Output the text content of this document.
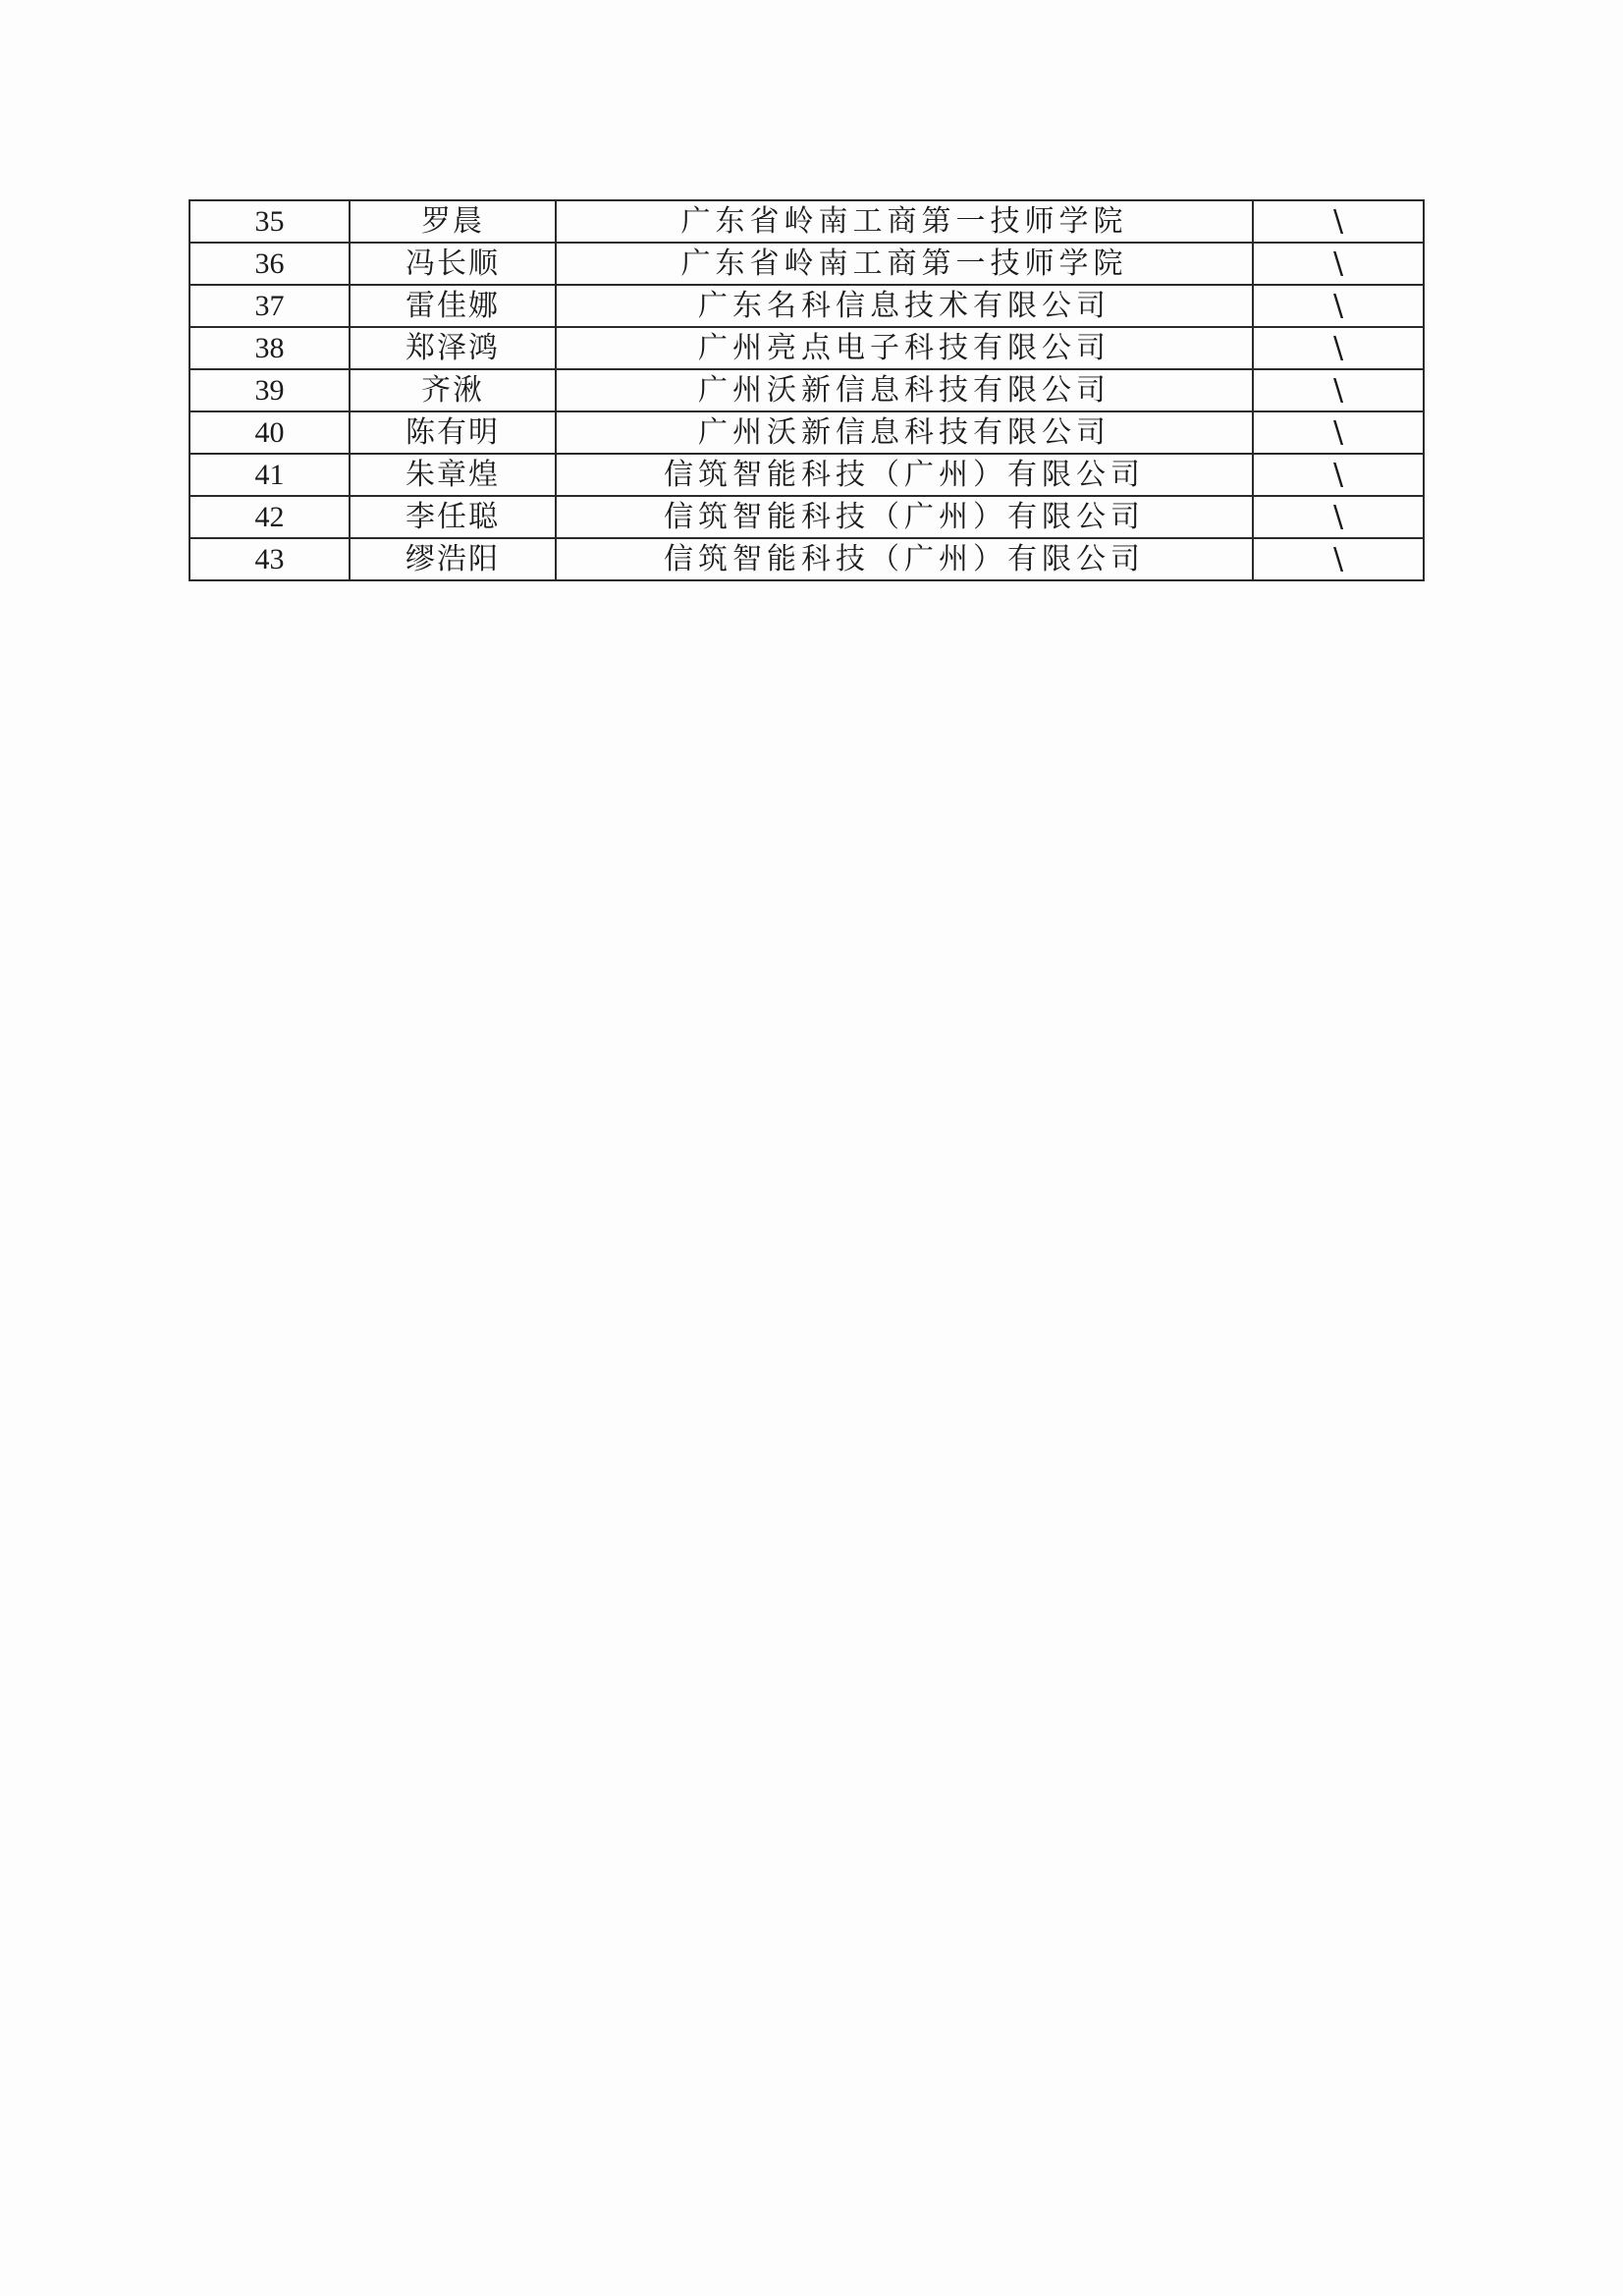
35	罗晨	广东省岭南工商第一技师学院	\
36	冯长顺	广东省岭南工商第一技师学院	\
37	雷佳娜	广东名科信息技术有限公司	\
38	郑泽鸿	广州亮点电子科技有限公司	\
39	齐湫	广州沃新信息科技有限公司	\
40	陈有明	广州沃新信息科技有限公司	\
41	朱章煌	信筑智能科技（广州）有限公司	\
42	李任聪	信筑智能科技（广州）有限公司	\
43	缪浩阳	信筑智能科技（广州）有限公司	\
